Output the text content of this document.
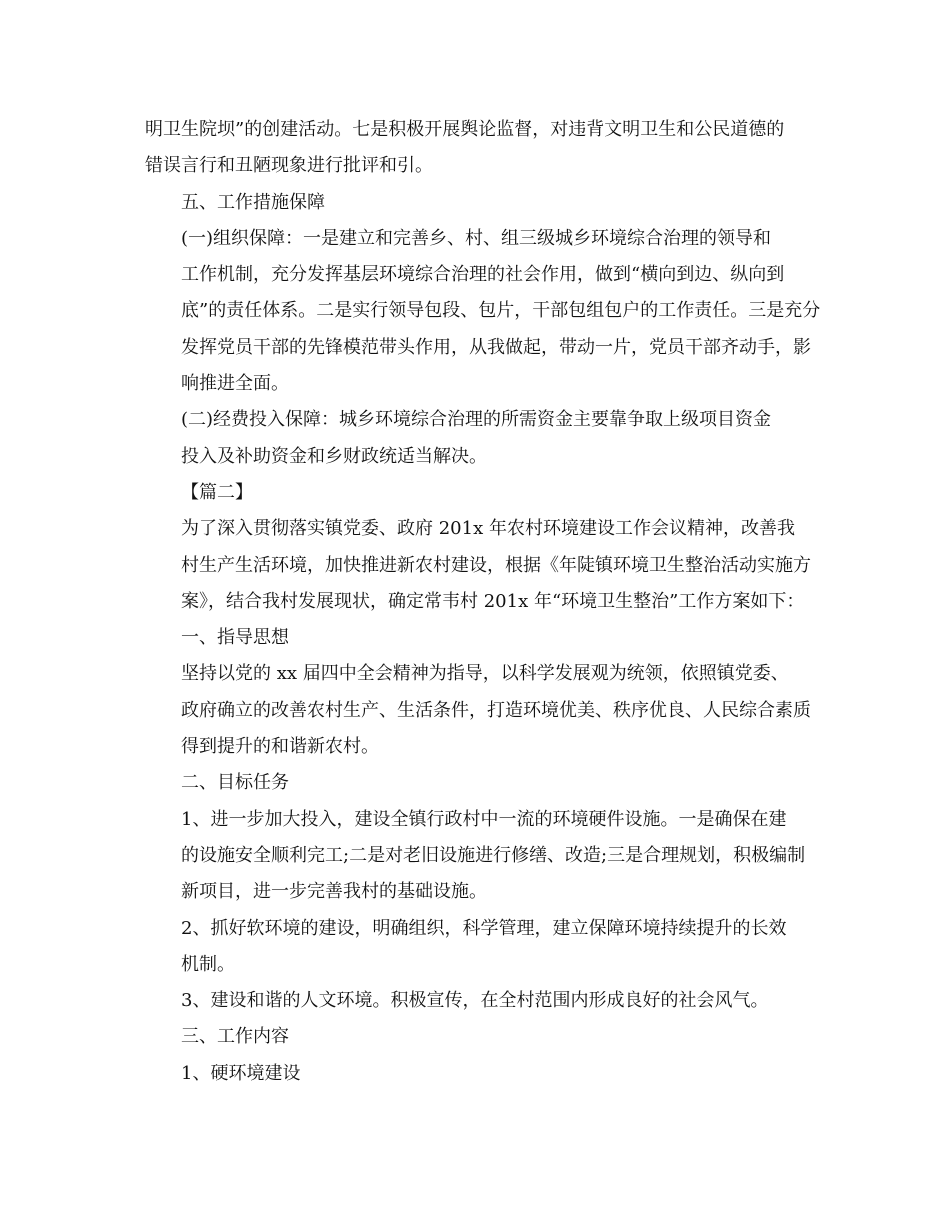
明卫生院坝”的创建活动。七是积极开展舆论监督，对违背文明卫生和公民道德的
错误言行和丑陋现象进行批评和引。
五、工作措施保障
(一)组织保障：一是建立和完善乡、村、组三级城乡环境综合治理的领导和
工作机制，充分发挥基层环境综合治理的社会作用，做到“横向到边、纵向到
底”的责任体系。二是实行领导包段、包片，干部包组包户的工作责任。三是充分
发挥党员干部的先锋模范带头作用，从我做起，带动一片，党员干部齐动手，影
响推进全面。
(二)经费投入保障：城乡环境综合治理的所需资金主要靠争取上级项目资金
投入及补助资金和乡财政统适当解决。
【篇二】
为了深入贯彻落实镇党委、政府 201x 年农村环境建设工作会议精神，改善我
村生产生活环境，加快推进新农村建设，根据《年陡镇环境卫生整治活动实施方
案》，结合我村发展现状，确定常韦村 201x 年“环境卫生整治”工作方案如下：
一、指导思想
坚持以党的 xx 届四中全会精神为指导，以科学发展观为统领，依照镇党委、
政府确立的改善农村生产、生活条件，打造环境优美、秩序优良、人民综合素质
得到提升的和谐新农村。
二、目标任务
1、进一步加大投入，建设全镇行政村中一流的环境硬件设施。一是确保在建
的设施安全顺利完工;二是对老旧设施进行修缮、改造;三是合理规划，积极编制
新项目，进一步完善我村的基础设施。
2、抓好软环境的建设，明确组织，科学管理，建立保障环境持续提升的长效
机制。
3、建设和谐的人文环境。积极宣传，在全村范围内形成良好的社会风气。
三、工作内容
1、硬环境建设
